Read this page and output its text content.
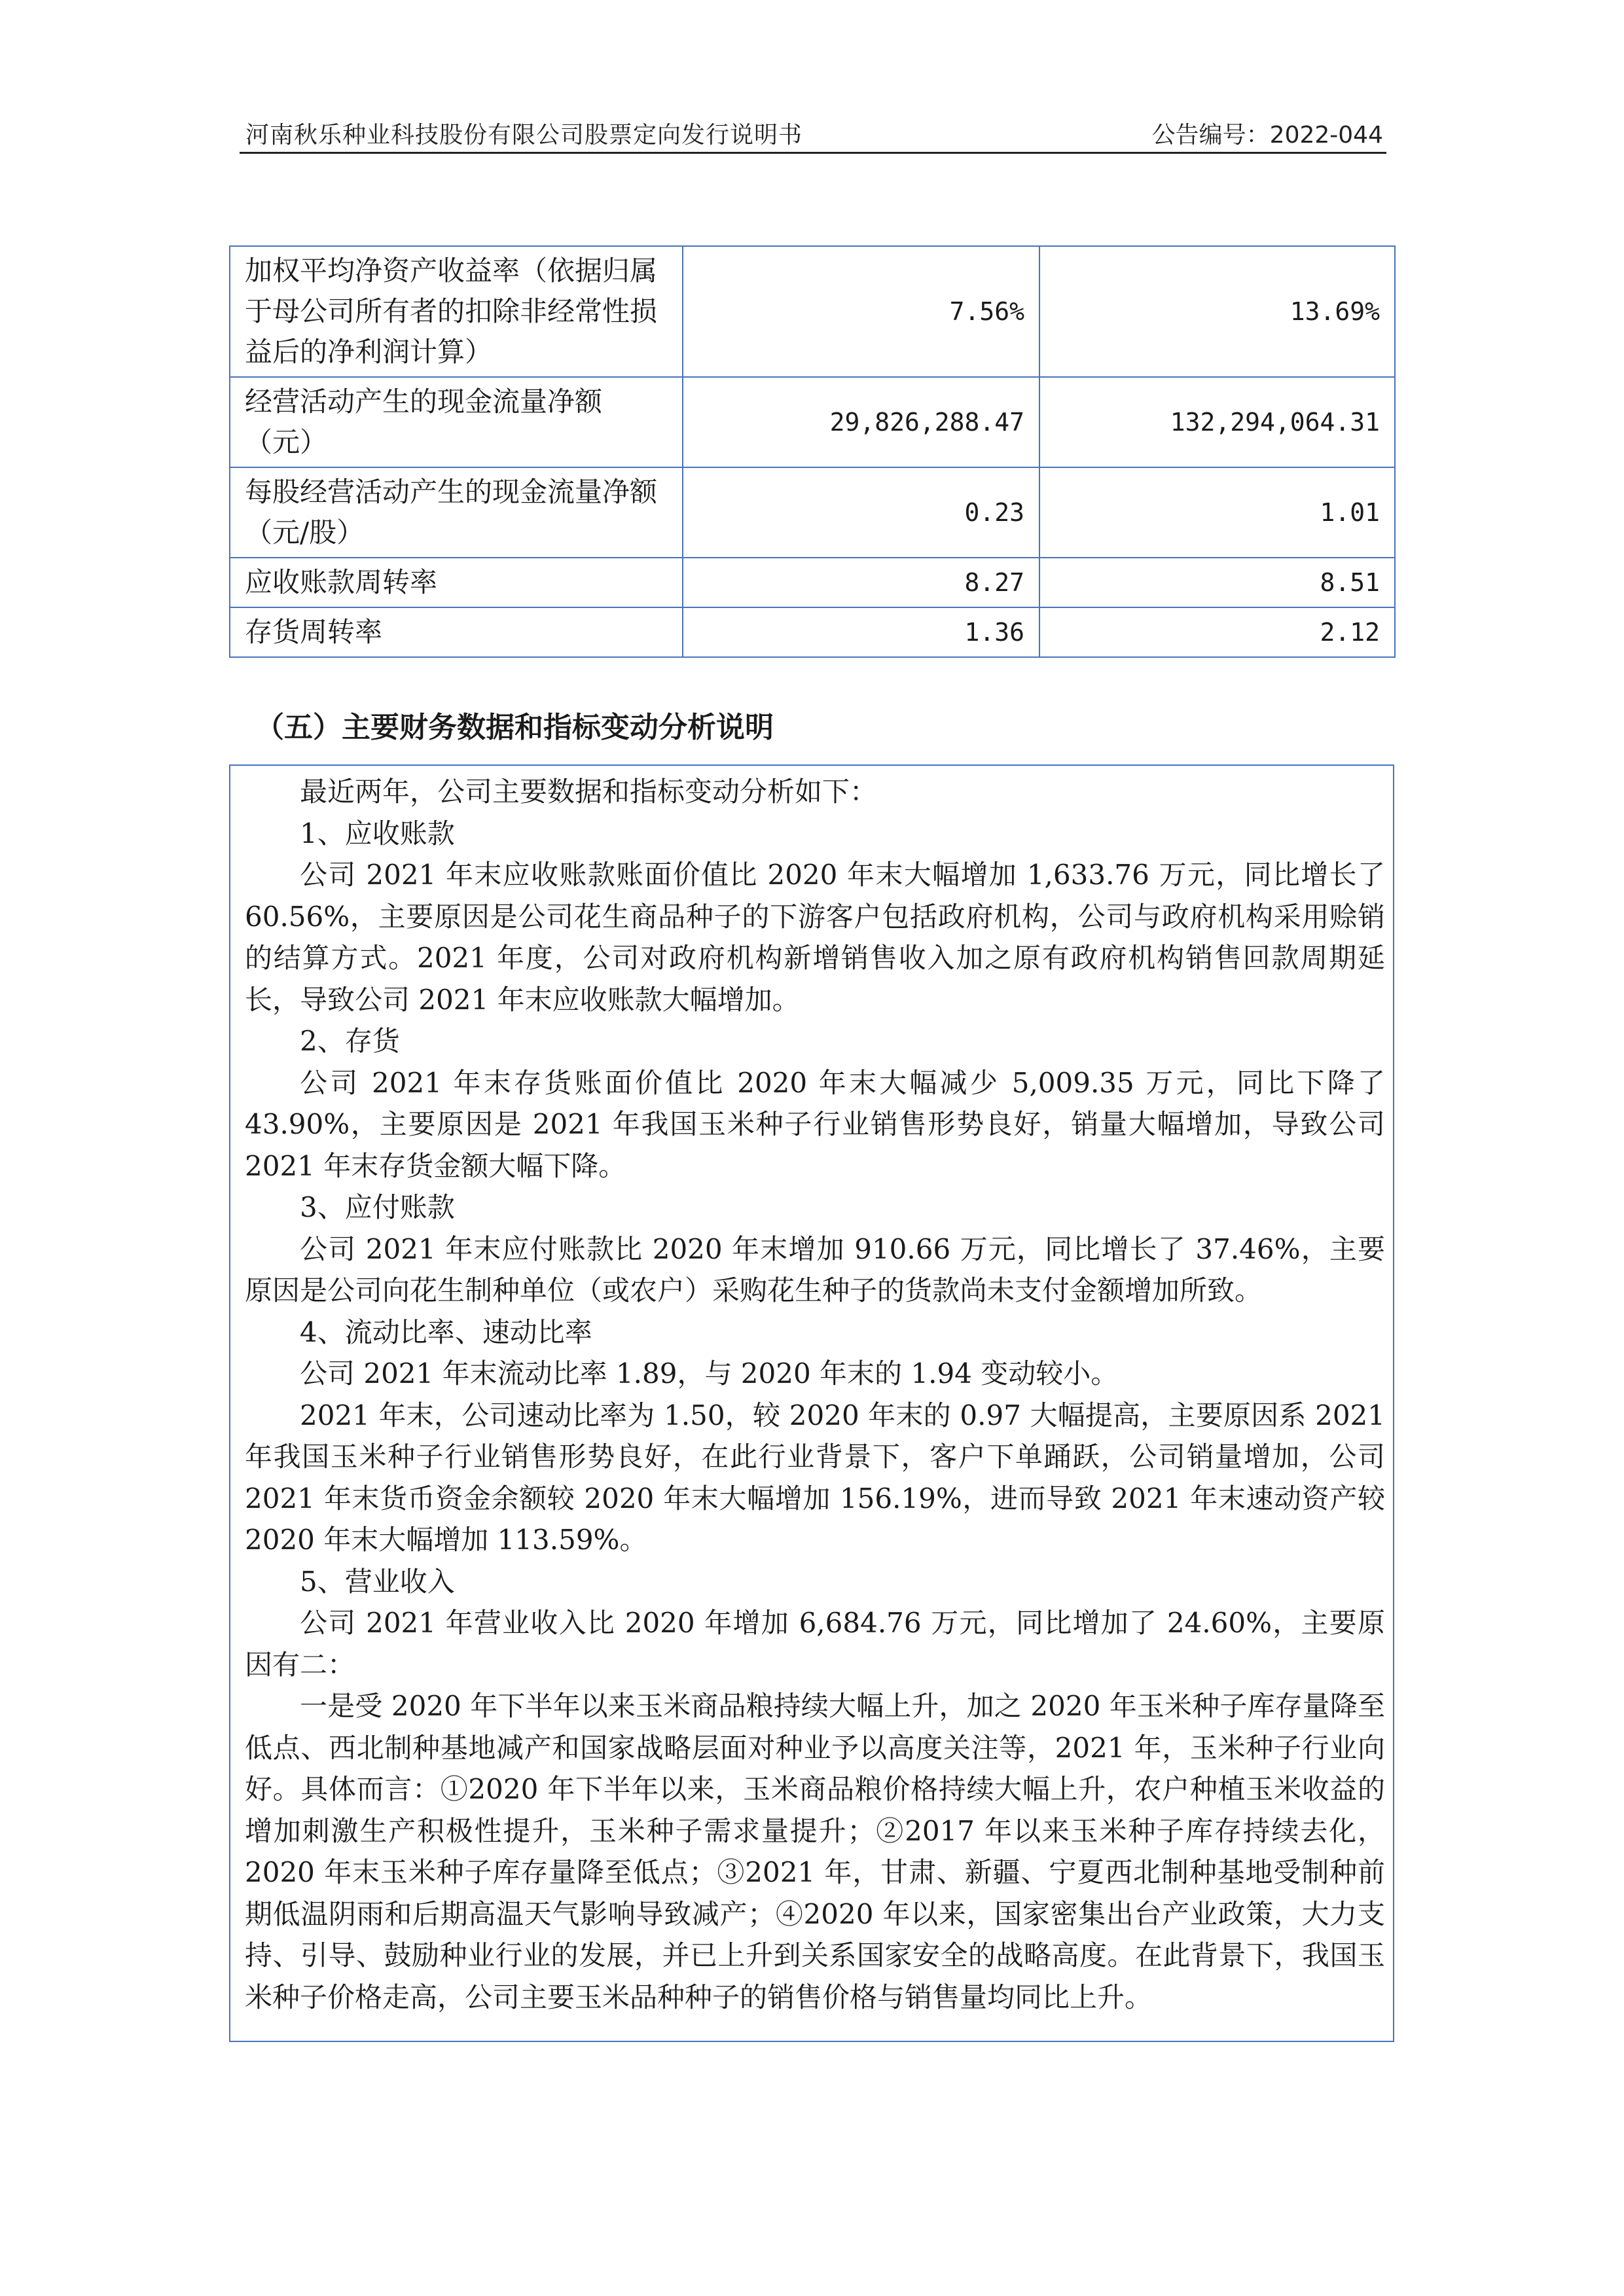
河南秋乐种业科技股份有限公司股票定向发行说明书	公告编号：2022-044
加权平均净资产收益率（依据归属于母公司所有者的扣除非经常性损益后的净利润计算）	7.56%	13.69%
经营活动产生的现金流量净额（元）	29,826,288.47	132,294,064.31
每股经营活动产生的现金流量净额（元/股）	0.23	1.01
应收账款周转率	8.27	8.51
存货周转率	1.36	2.12
（五）主要财务数据和指标变动分析说明

最近两年，公司主要数据和指标变动分析如下：

1、应收账款

公司 2021 年末应收账款账面价值比 2020 年末大幅增加 1,633.76 万元，同比增长了 60.56%，主要原因是公司花生商品种子的下游客户包括政府机构，公司与政府机构采用赊销的结算方式。2021 年度，公司对政府机构新增销售收入加之原有政府机构销售回款周期延长，导致公司 2021 年末应收账款大幅增加。

2、存货

公司 2021 年末存货账面价值比 2020 年末大幅减少 5,009.35 万元，同比下降了 43.90%，主要原因是 2021 年我国玉米种子行业销售形势良好，销量大幅增加，导致公司 2021 年末存货金额大幅下降。

3、应付账款

公司 2021 年末应付账款比 2020 年末增加 910.66 万元，同比增长了 37.46%，主要原因是公司向花生制种单位（或农户）采购花生种子的货款尚未支付金额增加所致。

4、流动比率、速动比率

公司 2021 年末流动比率 1.89，与 2020 年末的 1.94 变动较小。

2021 年末，公司速动比率为 1.50，较 2020 年末的 0.97 大幅提高，主要原因系 2021 年我国玉米种子行业销售形势良好，在此行业背景下，客户下单踊跃，公司销量增加，公司 2021 年末货币资金余额较 2020 年末大幅增加 156.19%，进而导致 2021 年末速动资产较 2020 年末大幅增加 113.59%。

5、营业收入

公司 2021 年营业收入比 2020 年增加 6,684.76 万元，同比增加了 24.60%，主要原因有二：

一是受 2020 年下半年以来玉米商品粮持续大幅上升，加之 2020 年玉米种子库存量降至低点、西北制种基地减产和国家战略层面对种业予以高度关注等，2021 年，玉米种子行业向好。具体而言：①2020 年下半年以来，玉米商品粮价格持续大幅上升，农户种植玉米收益的增加刺激生产积极性提升，玉米种子需求量提升；②2017 年以来玉米种子库存持续去化，2020 年末玉米种子库存量降至低点；③2021 年，甘肃、新疆、宁夏西北制种基地受制种前期低温阴雨和后期高温天气影响导致减产；④2020 年以来，国家密集出台产业政策，大力支持、引导、鼓励种业行业的发展，并已上升到关系国家安全的战略高度。在此背景下，我国玉米种子价格走高，公司主要玉米品种种子的销售价格与销售量均同比上升。
